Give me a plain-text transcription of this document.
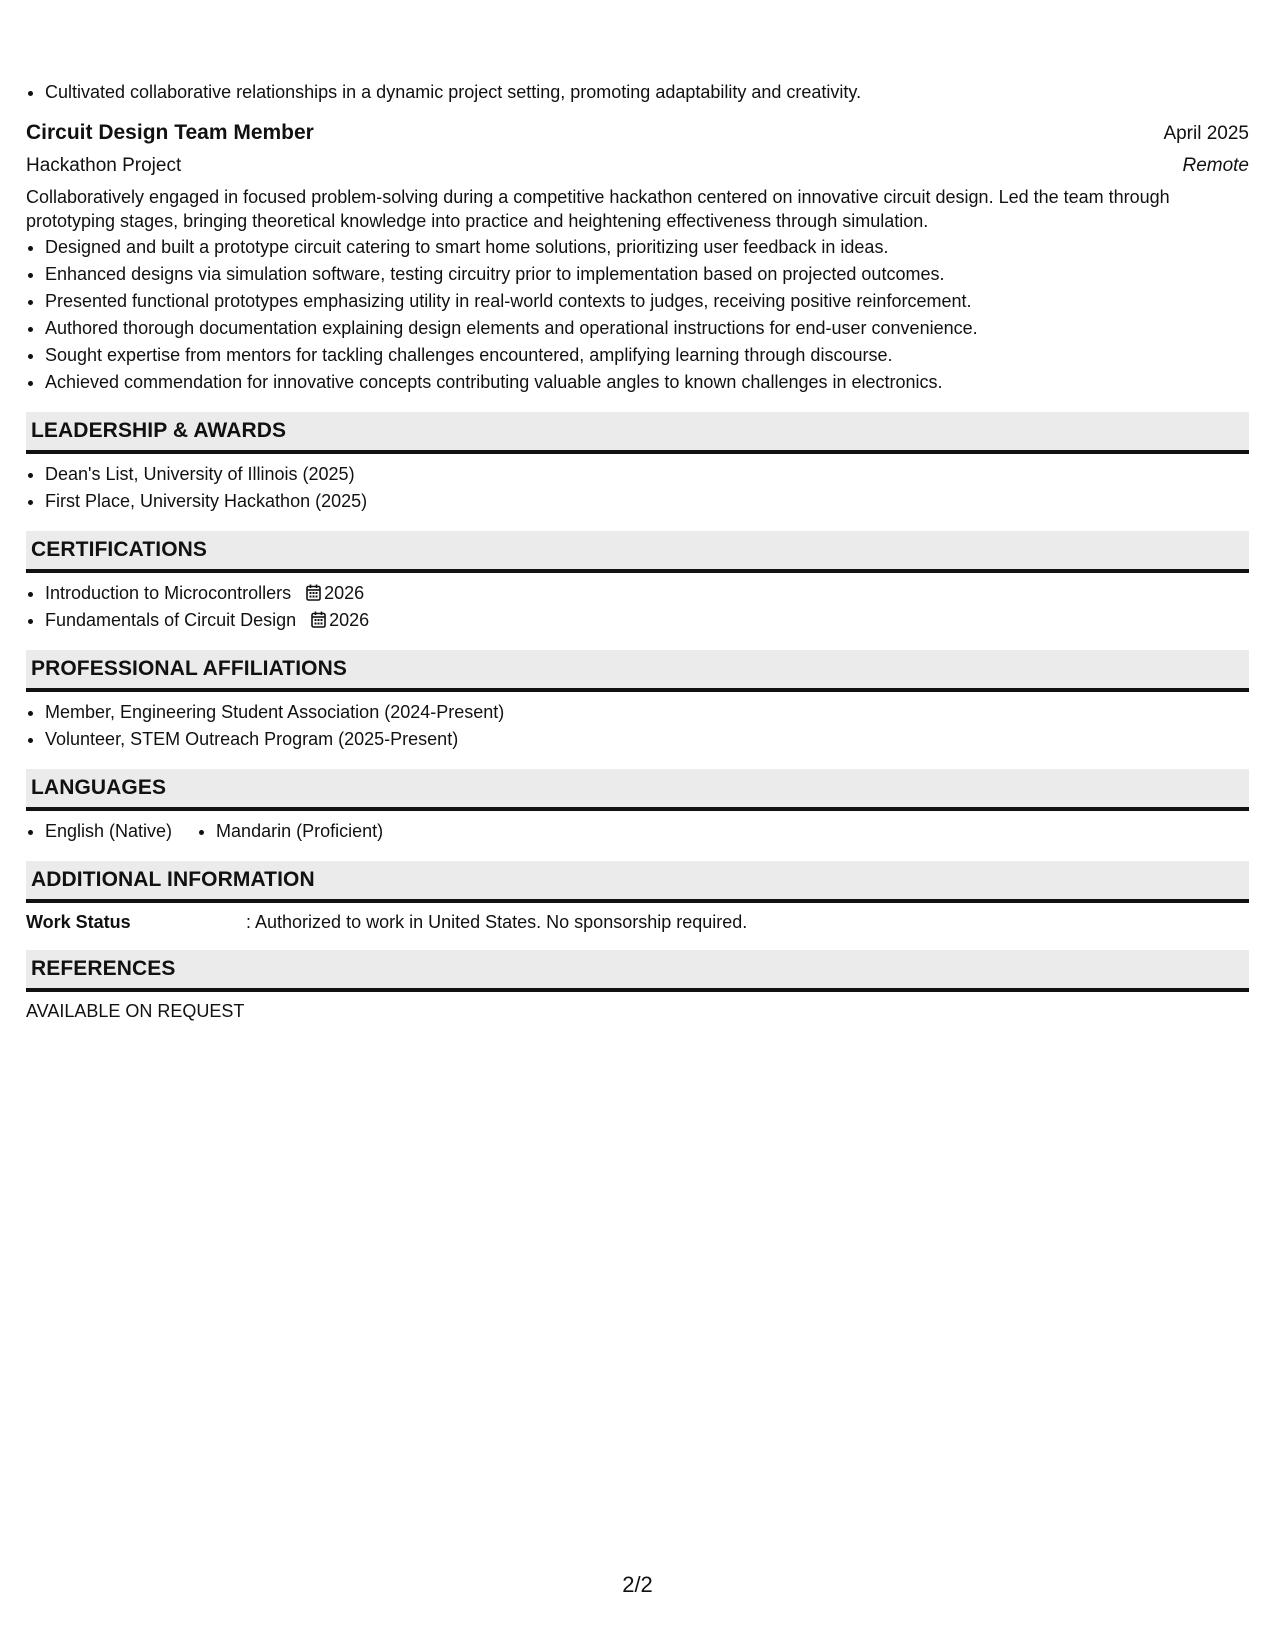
• Cultivated collaborative relationships in a dynamic project setting, promoting adaptability and creativity.
Circuit Design Team Member	April 2025
Hackathon Project	Remote
Collaboratively engaged in focused problem-solving during a competitive hackathon centered on innovative circuit design. Led the team through prototyping stages, bringing theoretical knowledge into practice and heightening effectiveness through simulation.
• Designed and built a prototype circuit catering to smart home solutions, prioritizing user feedback in ideas.
• Enhanced designs via simulation software, testing circuitry prior to implementation based on projected outcomes.
• Presented functional prototypes emphasizing utility in real-world contexts to judges, receiving positive reinforcement.
• Authored thorough documentation explaining design elements and operational instructions for end-user convenience.
• Sought expertise from mentors for tackling challenges encountered, amplifying learning through discourse.
• Achieved commendation for innovative concepts contributing valuable angles to known challenges in electronics.
LEADERSHIP & AWARDS
• Dean's List, University of Illinois (2025)
• First Place, University Hackathon (2025)
CERTIFICATIONS
• Introduction to Microcontrollers 2026
• Fundamentals of Circuit Design 2026
PROFESSIONAL AFFILIATIONS
• Member, Engineering Student Association (2024-Present)
• Volunteer, STEM Outreach Program (2025-Present)
LANGUAGES
• English (Native)
• Mandarin (Proficient)
ADDITIONAL INFORMATION
Work Status	: Authorized to work in United States. No sponsorship required.
REFERENCES
AVAILABLE ON REQUEST
2/2
